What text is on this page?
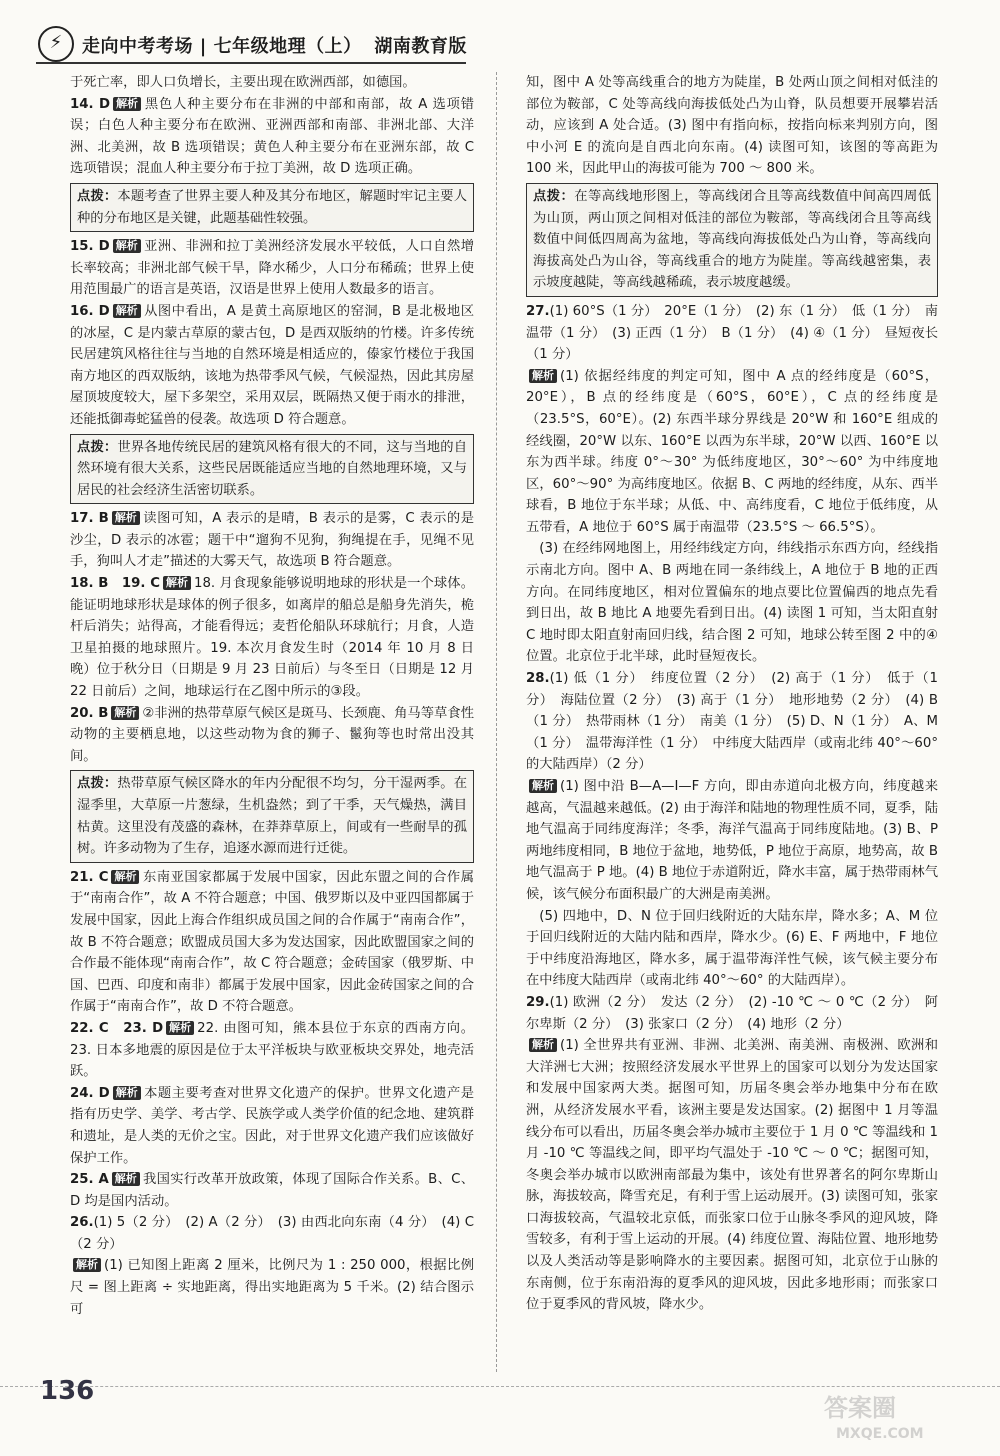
⚡	走向中考考场 | 七年级地理（上） 湖南教育版
于死亡率，即人口负增长，主要出现在欧洲西部，如德国。
14. D 解析 黑色人种主要分布在非洲的中部和南部，故 A 选项错误；白色人种主要分布在欧洲、亚洲西部和南部、非洲北部、大洋洲、北美洲，故 B 选项错误；黄色人种主要分布在亚洲东部，故 C 选项错误；混血人种主要分布于拉丁美洲，故 D 选项正确。
点拨：本题考查了世界主要人种及其分布地区，解题时牢记主要人种的分布地区是关键，此题基础性较强。
15. D 解析 亚洲、非洲和拉丁美洲经济发展水平较低，人口自然增长率较高；非洲北部气候干旱，降水稀少，人口分布稀疏；世界上使用范围最广的语言是英语，汉语是世界上使用人数最多的语言。
16. D 解析 从图中看出，A 是黄土高原地区的窑洞，B 是北极地区的冰屋，C 是内蒙古草原的蒙古包，D 是西双版纳的竹楼。许多传统民居建筑风格往往与当地的自然环境是相适应的，傣家竹楼位于我国南方地区的西双版纳，该地为热带季风气候，气候湿热，因此其房屋屋顶坡度较大，屋下多架空，采用双层，既隔热又便于雨水的排泄，还能抵御毒蛇猛兽的侵袭。故选项 D 符合题意。
点拨：世界各地传统民居的建筑风格有很大的不同，这与当地的自然环境有很大关系，这些民居既能适应当地的自然地理环境，又与居民的社会经济生活密切联系。
17. B 解析 读图可知，A 表示的是晴，B 表示的是雾，C 表示的是沙尘，D 表示的冰雹；题干中“遛狗不见狗，狗绳提在手，见绳不见手，狗叫人才走”描述的大雾天气，故选项 B 符合题意。
18. B　19. C 解析 18. 月食现象能够说明地球的形状是一个球体。能证明地球形状是球体的例子很多，如离岸的船总是船身先消失，桅杆后消失；站得高，才能看得远；麦哲伦船队环球航行；月食，人造卫星拍摄的地球照片。19. 本次月食发生时（2014 年 10 月 8 日晚）位于秋分日（日期是 9 月 23 日前后）与冬至日（日期是 12 月 22 日前后）之间，地球运行在乙图中所示的③段。
20. B 解析 ②非洲的热带草原气候区是斑马、长颈鹿、角马等草食性动物的主要栖息地，以这些动物为食的狮子、鬣狗等也时常出没其间。
点拨：热带草原气候区降水的年内分配很不均匀，分干湿两季。在湿季里，大草原一片葱绿，生机盎然；到了干季，天气燥热，满目枯黄。这里没有茂盛的森林，在莽莽草原上，间或有一些耐旱的孤树。许多动物为了生存，追逐水源而进行迁徙。
21. C 解析 东南亚国家都属于发展中国家，因此东盟之间的合作属于“南南合作”，故 A 不符合题意；中国、俄罗斯以及中亚四国都属于发展中国家，因此上海合作组织成员国之间的合作属于“南南合作”，故 B 不符合题意；欧盟成员国大多为发达国家，因此欧盟国家之间的合作最不能体现“南南合作”，故 C 符合题意；金砖国家（俄罗斯、中国、巴西、印度和南非）都属于发展中国家，因此金砖国家之间的合作属于“南南合作”，故 D 不符合题意。
22. C　23. D 解析 22. 由图可知，熊本县位于东京的西南方向。23. 日本多地震的原因是位于太平洋板块与欧亚板块交界处，地壳活跃。
24. D 解析 本题主要考查对世界文化遗产的保护。世界文化遗产是指有历史学、美学、考古学、民族学或人类学价值的纪念地、建筑群和遗址，是人类的无价之宝。因此，对于世界文化遗产我们应该做好保护工作。
25. A 解析 我国实行改革开放政策，体现了国际合作关系。B、C、D 均是国内活动。
26.(1) 5（2 分）　(2) A（2 分）　(3) 由西北向东南（4 分）　(4) C（2 分）
解析 (1) 已知图上距离 2 厘米，比例尺为 1 : 250 000，根据比例尺 = 图上距离 ÷ 实地距离，得出实地距离为 5 千米。(2) 结合图示可
知，图中 A 处等高线重合的地方为陡崖，B 处两山顶之间相对低洼的部位为鞍部，C 处等高线向海拔低处凸为山脊，队员想要开展攀岩活动，应该到 A 处合适。(3) 图中有指向标，按指向标来判别方向，图中小河 E 的流向是自西北向东南。(4) 读图可知，该图的等高距为 100 米，因此甲山的海拔可能为 700 ～ 800 米。
点拨：在等高线地形图上，等高线闭合且等高线数值中间高四周低为山顶，两山顶之间相对低洼的部位为鞍部，等高线闭合且等高线数值中间低四周高为盆地，等高线向海拔低处凸为山脊，等高线向海拔高处凸为山谷，等高线重合的地方为陡崖。等高线越密集，表示坡度越陡，等高线越稀疏，表示坡度越缓。
27.(1) 60°S（1 分）　20°E（1 分）　(2) 东（1 分）　低（1 分）　南温带（1 分）　(3) 正西（1 分）　B（1 分）　(4) ④（1 分）　昼短夜长（1 分）
解析 (1) 依据经纬度的判定可知，图中 A 点的经纬度是（60°S，20°E），B 点的经纬度是（60°S，60°E），C 点的经纬度是（23.5°S，60°E）。(2) 东西半球分界线是 20°W 和 160°E 组成的经线圈，20°W 以东、160°E 以西为东半球，20°W 以西、160°E 以东为西半球。纬度 0°～30° 为低纬度地区，30°～60° 为中纬度地区，60°～90° 为高纬度地区。依据 B、C 两地的经纬度，从东、西半球看，B 地位于东半球；从低、中、高纬度看，C 地位于低纬度，从五带看，A 地位于 60°S 属于南温带（23.5°S ～ 66.5°S）。
(3) 在经纬网地图上，用经纬线定方向，纬线指示东西方向，经线指示南北方向。图中 A、B 两地在同一条纬线上，A 地位于 B 地的正西方向。在同纬度地区，相对位置偏东的地点要比位置偏西的地点先看到日出，故 B 地比 A 地要先看到日出。(4) 读图 1 可知，当太阳直射 C 地时即太阳直射南回归线，结合图 2 可知，地球公转至图 2 中的④位置。北京位于北半球，此时昼短夜长。
28.(1) 低（1 分）　纬度位置（2 分）　(2) 高于（1 分）　低于（1 分）　海陆位置（2 分）　(3) 高于（1 分）　地形地势（2 分）　(4) B（1 分）　热带雨林（1 分）　南美（1 分）　(5) D、N（1 分）　A、M（1 分）　温带海洋性（1 分）　中纬度大陆西岸（或南北纬 40°～60° 的大陆西岸）（2 分）
解析 (1) 图中沿 B—A—I—F 方向，即由赤道向北极方向，纬度越来越高，气温越来越低。(2) 由于海洋和陆地的物理性质不同，夏季，陆地气温高于同纬度海洋；冬季，海洋气温高于同纬度陆地。(3) B、P 两地纬度相同，B 地位于盆地，地势低，P 地位于高原，地势高，故 B 地气温高于 P 地。(4) B 地位于赤道附近，降水丰富，属于热带雨林气候，该气候分布面积最广的大洲是南美洲。
(5) 四地中，D、N 位于回归线附近的大陆东岸，降水多；A、M 位于回归线附近的大陆内陆和西岸，降水少。(6) E、F 两地中，F 地位于中纬度沿海地区，降水多，属于温带海洋性气候，该气候主要分布在中纬度大陆西岸（或南北纬 40°～60° 的大陆西岸）。
29.(1) 欧洲（2 分）　发达（2 分）　(2) -10 ℃ ～ 0 ℃（2 分）　阿尔卑斯（2 分）　(3) 张家口（2 分）　(4) 地形（2 分）
解析 (1) 全世界共有亚洲、非洲、北美洲、南美洲、南极洲、欧洲和大洋洲七大洲；按照经济发展水平世界上的国家可以划分为发达国家和发展中国家两大类。据图可知，历届冬奥会举办地集中分布在欧洲，从经济发展水平看，该洲主要是发达国家。(2) 据图中 1 月等温线分布可以看出，历届冬奥会举办城市主要位于 1 月 0 ℃ 等温线和 1 月 -10 ℃ 等温线之间，即平均气温处于 -10 ℃ ～ 0 ℃；据图可知，冬奥会举办城市以欧洲南部最为集中，该处有世界著名的阿尔卑斯山脉，海拔较高，降雪充足，有利于雪上运动展开。(3) 读图可知，张家口海拔较高，气温较北京低，而张家口位于山脉冬季风的迎风坡，降雪较多，有利于雪上运动的开展。(4) 纬度位置、海陆位置、地形地势以及人类活动等是影响降水的主要因素。据图可知，北京位于山脉的东南侧，位于东南沿海的夏季风的迎风坡，因此多地形雨；而张家口位于夏季风的背风坡，降水少。
136
答案圈
MXQE.COM
